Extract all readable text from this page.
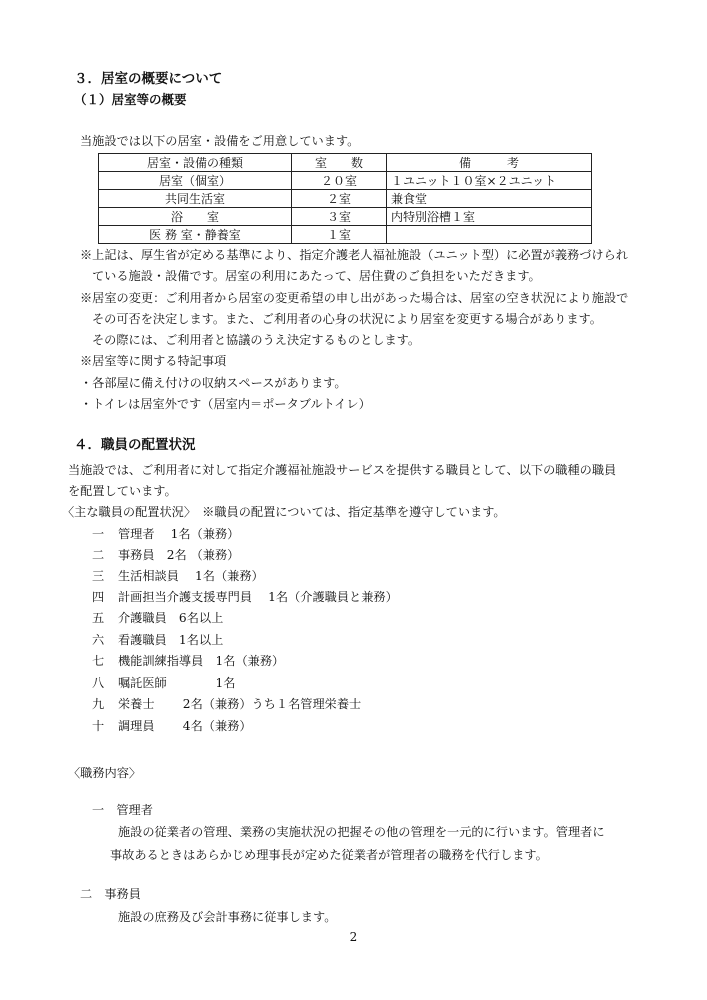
３．居室の概要について
（１）居室等の概要
当施設では以下の居室・設備をご用意しています。
居室・設備の種類	室　　数	備　　　考
居室（個室）	２０室	１ユニット１０室×２ユニット
共同生活室	２室	兼食堂
浴　　室	３室	内特別浴槽１室
医 務 室・静養室	１室	
※上記は、厚生省が定める基準により、指定介護老人福祉施設（ユニット型）に必置が義務づけられ
ている施設・設備です。居室の利用にあたって、居住費のご負担をいただきます。
※居室の変更：ご利用者から居室の変更希望の申し出があった場合は、居室の空き状況により施設で
その可否を決定します。また、ご利用者の心身の状況により居室を変更する場合があります。
その際には、ご利用者と協議のうえ決定するものとします。
※居室等に関する特記事項
・各部屋に備え付けの収納スペースがあります。
・トイレは居室外です（居室内＝ポータブルトイレ）
４．職員の配置状況
当施設では、ご利用者に対して指定介護福祉施設サービスを提供する職員として、以下の職種の職員
を配置しています。
〈主な職員の配置状況〉　※職員の配置については、指定基準を遵守しています。
一 管理者　 1名（兼務）
二 事務員　2名 （兼務）
三 生活相談員　 1名（兼務）
四 計画担当介護支援専門員　 1名（介護職員と兼務）
五 介護職員　6名以上
六 看護職員　1名以上
七 機能訓練指導員　1名（兼務）
八 嘱託医師　　　　1名
九 栄養士　　 2名（兼務）うち１名管理栄養士
十 調理員　　 4名（兼務）
〈職務内容〉
一　管理者
施設の従業者の管理、業務の実施状況の把握その他の管理を一元的に行います。管理者に
事故あるときはあらかじめ理事長が定めた従業者が管理者の職務を代行します。
二　事務員
施設の庶務及び会計事務に従事します。
2
